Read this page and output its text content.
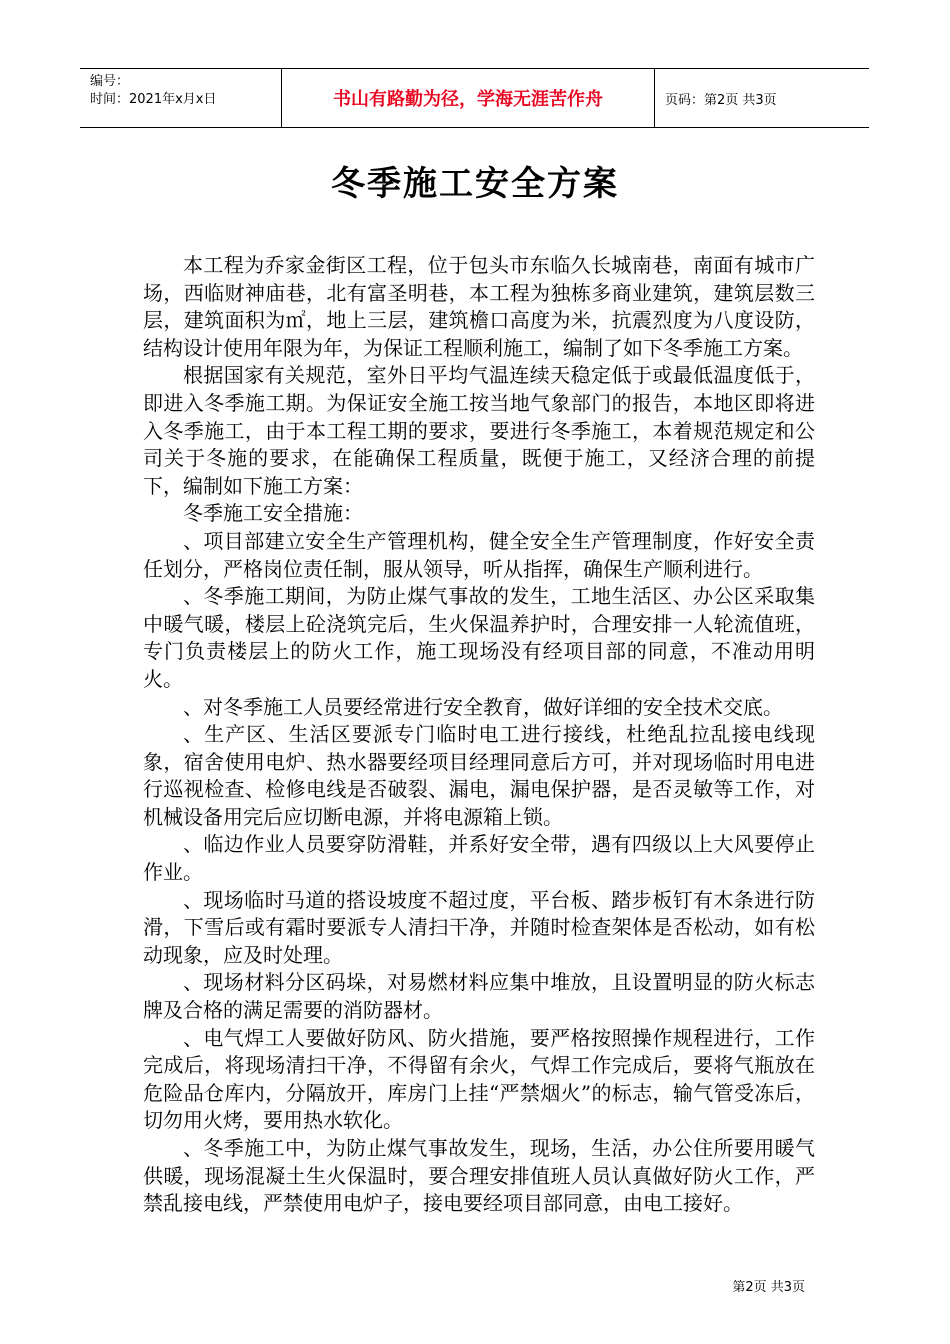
编号：
时间：2021年x月x日	书山有路勤为径，学海无涯苦作舟	页码：第2页 共3页
冬季施工安全方案

本工程为乔家金街区工程，位于包头市东临久长城南巷，南面有城市广场，西临财神庙巷，北有富圣明巷，本工程为独栋多商业建筑，建筑层数三层，建筑面积为㎡，地上三层，建筑檐口高度为米，抗震烈度为八度设防，结构设计使用年限为年，为保证工程顺利施工，编制了如下冬季施工方案。

根据国家有关规范，室外日平均气温连续天稳定低于或最低温度低于，即进入冬季施工期。为保证安全施工按当地气象部门的报告，本地区即将进入冬季施工，由于本工程工期的要求，要进行冬季施工，本着规范规定和公司关于冬施的要求，在能确保工程质量，既便于施工，又经济合理的前提下，编制如下施工方案：

冬季施工安全措施：

、项目部建立安全生产管理机构，健全安全生产管理制度，作好安全责任划分，严格岗位责任制，服从领导，听从指挥，确保生产顺利进行。

、冬季施工期间，为防止煤气事故的发生，工地生活区、办公区采取集中暖气暖，楼层上砼浇筑完后，生火保温养护时，合理安排一人轮流值班，专门负责楼层上的防火工作，施工现场没有经项目部的同意，不准动用明火。

、对冬季施工人员要经常进行安全教育，做好详细的安全技术交底。

、生产区、生活区要派专门临时电工进行接线，杜绝乱拉乱接电线现象，宿舍使用电炉、热水器要经项目经理同意后方可，并对现场临时用电进行巡视检查、检修电线是否破裂、漏电，漏电保护器，是否灵敏等工作，对机械设备用完后应切断电源，并将电源箱上锁。

、临边作业人员要穿防滑鞋，并系好安全带，遇有四级以上大风要停止作业。

、现场临时马道的搭设坡度不超过度，平台板、踏步板钉有木条进行防滑，下雪后或有霜时要派专人清扫干净，并随时检查架体是否松动，如有松动现象，应及时处理。

、现场材料分区码垛，对易燃材料应集中堆放，且设置明显的防火标志牌及合格的满足需要的消防器材。

、电气焊工人要做好防风、防火措施，要严格按照操作规程进行，工作完成后，将现场清扫干净，不得留有余火，气焊工作完成后，要将气瓶放在危险品仓库内，分隔放开，库房门上挂“严禁烟火”的标志，输气管受冻后，切勿用火烤，要用热水软化。

、冬季施工中，为防止煤气事故发生，现场，生活，办公住所要用暖气供暖，现场混凝土生火保温时，要合理安排值班人员认真做好防火工作，严禁乱接电线，严禁使用电炉子，接电要经项目部同意，由电工接好。

第2页 共3页
